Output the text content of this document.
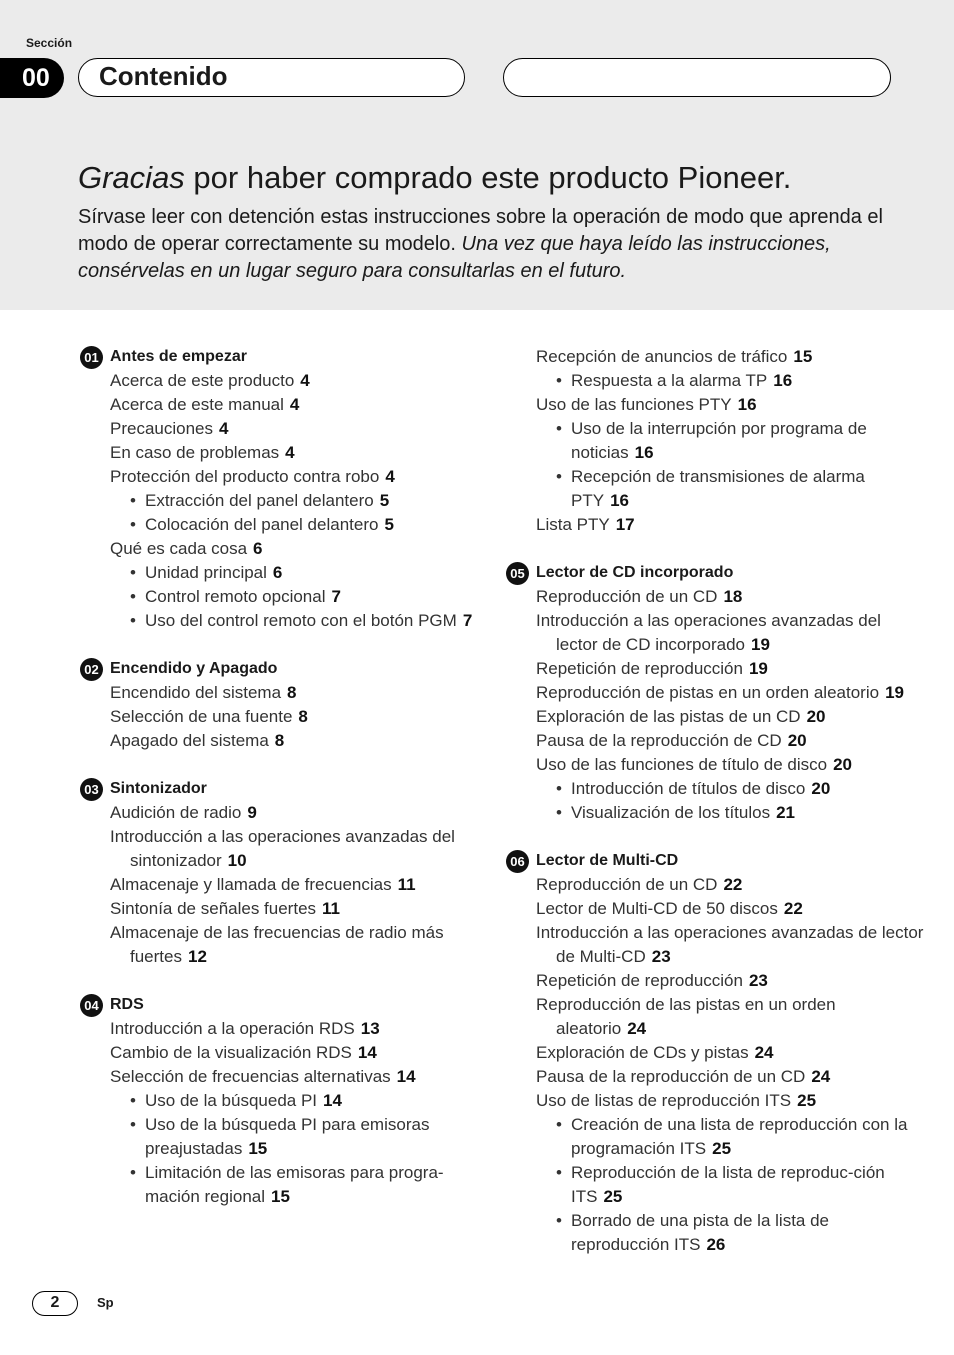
Sección
00	Contenido
Gracias por haber comprado este producto Pioneer.
Sírvase leer con detención estas instrucciones sobre la operación de modo que aprenda el modo de operar correctamente su modelo. Una vez que haya leído las instrucciones, consérvelas en un lugar seguro para consultarlas en el futuro.
01 Antes de empezar
Acerca de este producto 4
Acerca de este manual 4
Precauciones 4
En caso de problemas 4
Protección del producto contra robo 4
• Extracción del panel delantero 5
• Colocación del panel delantero 5
Qué es cada cosa 6
• Unidad principal 6
• Control remoto opcional 7
• Uso del control remoto con el botón PGM 7
02 Encendido y Apagado
Encendido del sistema 8
Selección de una fuente 8
Apagado del sistema 8
03 Sintonizador
Audición de radio 9
Introducción a las operaciones avanzadas del sintonizador 10
Almacenaje y llamada de frecuencias 11
Sintonía de señales fuertes 11
Almacenaje de las frecuencias de radio más fuertes 12
04 RDS
Introducción a la operación RDS 13
Cambio de la visualización RDS 14
Selección de frecuencias alternativas 14
• Uso de la búsqueda PI 14
• Uso de la búsqueda PI para emisoras preajustadas 15
• Limitación de las emisoras para progra-mación regional 15
Recepción de anuncios de tráfico 15
• Respuesta a la alarma TP 16
Uso de las funciones PTY 16
• Uso de la interrupción por programa de noticias 16
• Recepción de transmisiones de alarma PTY 16
Lista PTY 17
05 Lector de CD incorporado
Reproducción de un CD 18
Introducción a las operaciones avanzadas del lector de CD incorporado 19
Repetición de reproducción 19
Reproducción de pistas en un orden aleatorio 19
Exploración de las pistas de un CD 20
Pausa de la reproducción de CD 20
Uso de las funciones de título de disco 20
• Introducción de títulos de disco 20
• Visualización de los títulos 21
06 Lector de Multi-CD
Reproducción de un CD 22
Lector de Multi-CD de 50 discos 22
Introducción a las operaciones avanzadas de lector de Multi-CD 23
Repetición de reproducción 23
Reproducción de las pistas en un orden aleatorio 24
Exploración de CDs y pistas 24
Pausa de la reproducción de un CD 24
Uso de listas de reproducción ITS 25
• Creación de una lista de reproducción con la programación ITS 25
• Reproducción de la lista de reproduc-ción ITS 25
• Borrado de una pista de la lista de reproducción ITS 26
2	Sp
